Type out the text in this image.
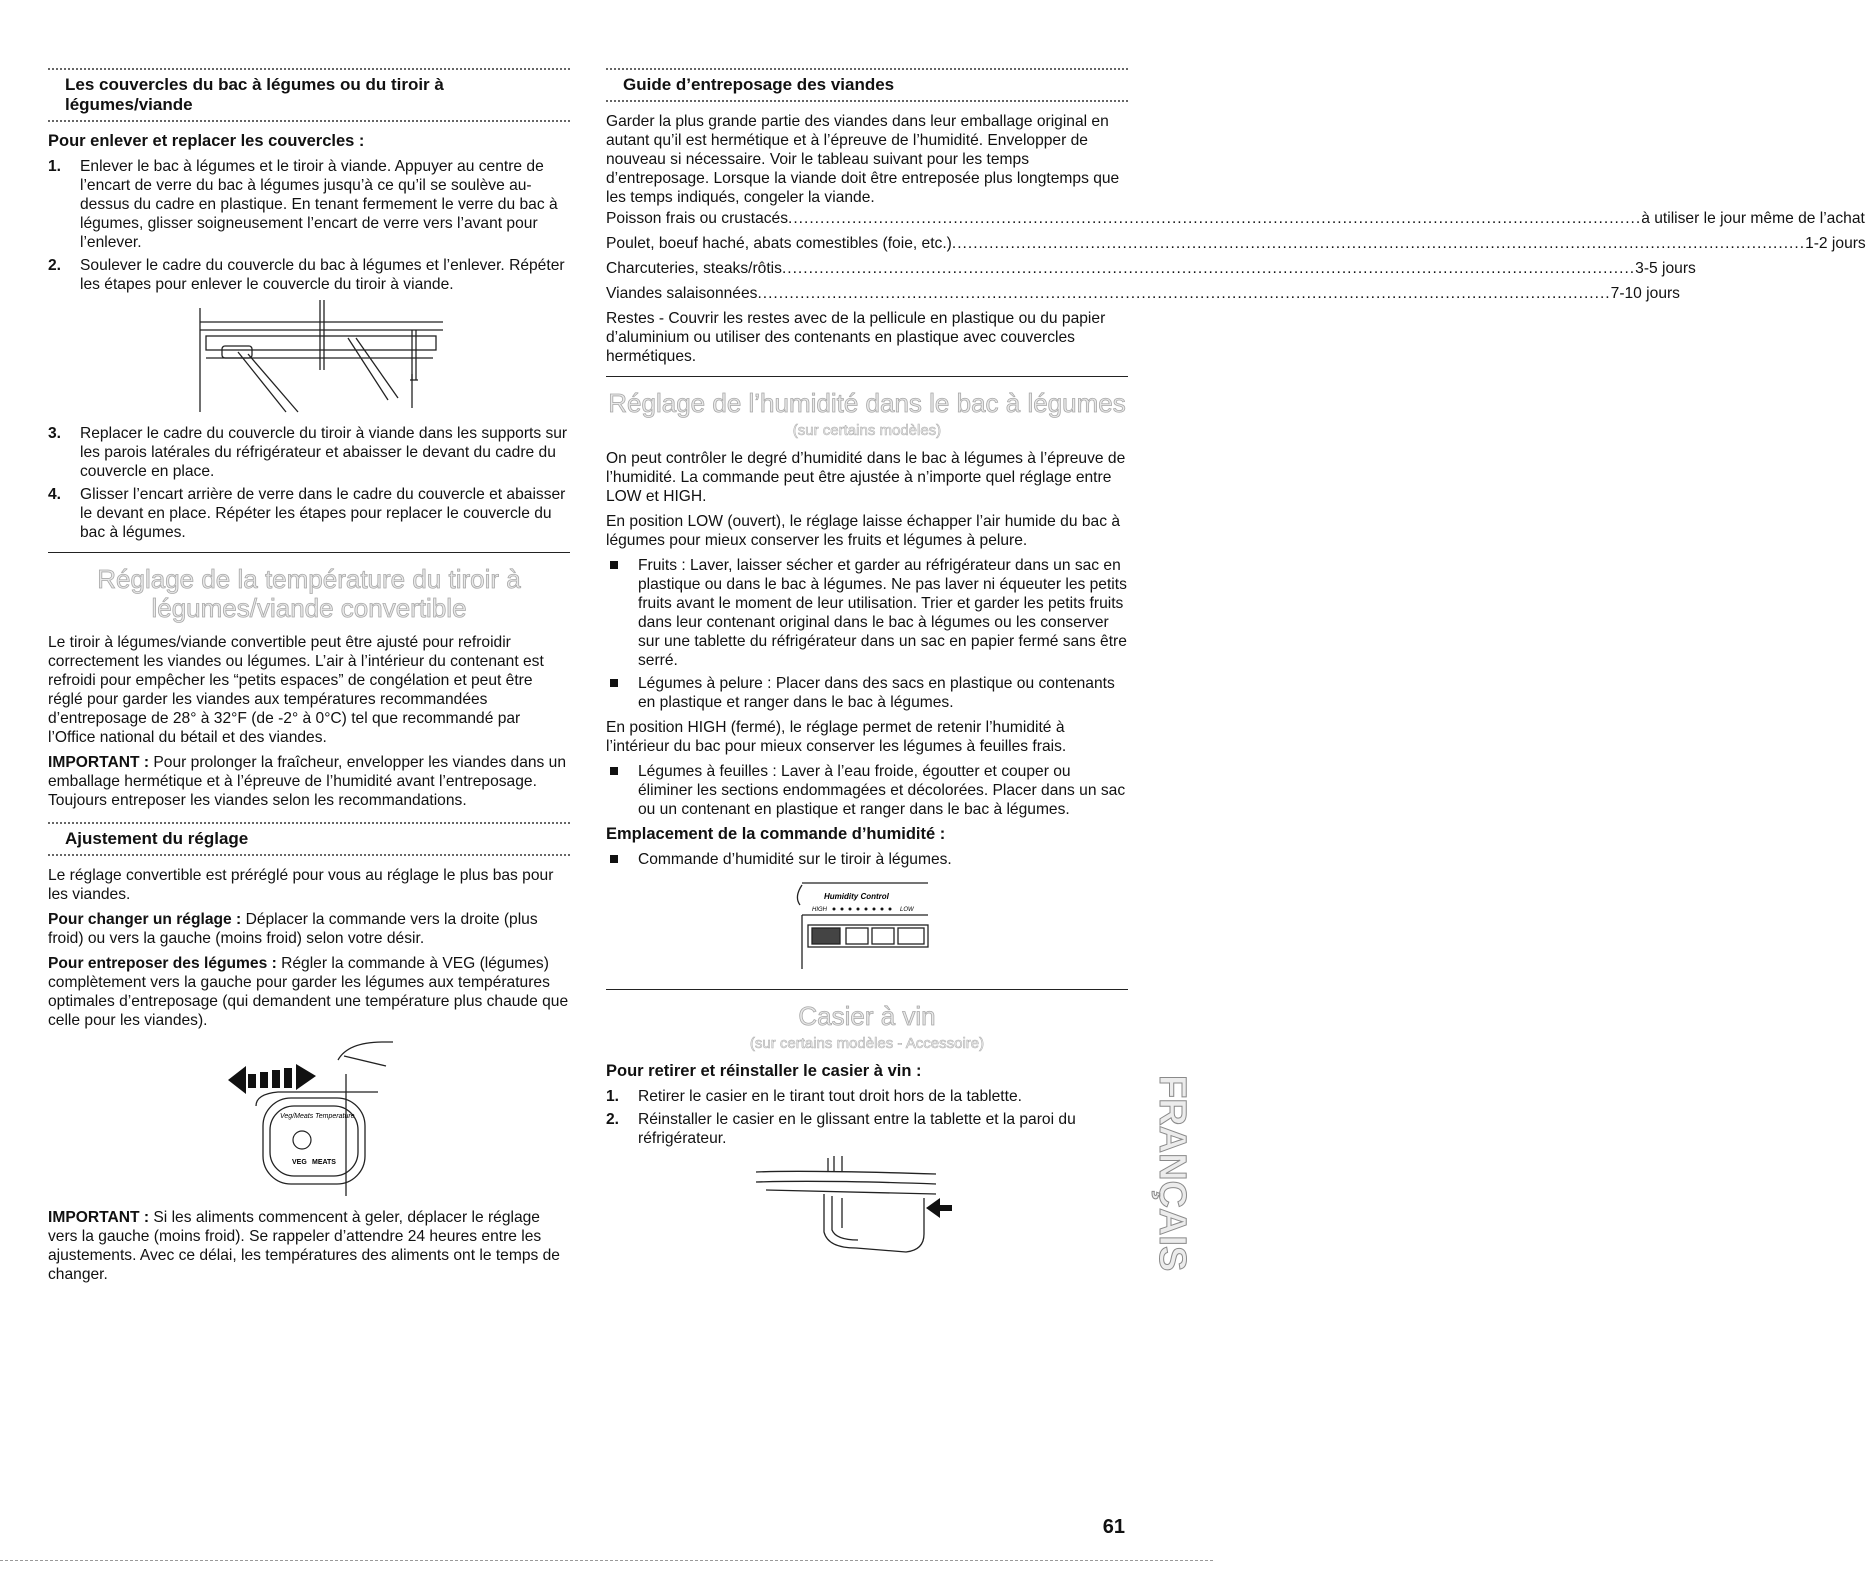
Les couvercles du bac à légumes ou du tiroir à légumes/viande
Pour enlever et replacer les couvercles :
1. Enlever le bac à légumes et le tiroir à viande. Appuyer au centre de l’encart de verre du bac à légumes jusqu’à ce qu’il se soulève au-dessus du cadre en plastique. En tenant fermement le verre du bac à légumes, glisser soigneusement l’encart de verre vers l’avant pour l’enlever.
2. Soulever le cadre du couvercle du bac à légumes et l’enlever. Répéter les étapes pour enlever le couvercle du tiroir à viande.
3. Replacer le cadre du couvercle du tiroir à viande dans les supports sur les parois latérales du réfrigérateur et abaisser le devant du cadre du couvercle en place.
4. Glisser l’encart arrière de verre dans le cadre du couvercle et abaisser le devant en place. Répéter les étapes pour replacer le couvercle du bac à légumes.
Réglage de la température du tiroir à légumes/viande convertible

Le tiroir à légumes/viande convertible peut être ajusté pour refroidir correctement les viandes ou légumes. L’air à l’intérieur du contenant est refroidi pour empêcher les “petits espaces” de congélation et peut être réglé pour garder les viandes aux températures recommandées d’entreposage de 28° à 32°F (de -2° à 0°C) tel que recommandé par l’Office national du bétail et des viandes.

IMPORTANT : Pour prolonger la fraîcheur, envelopper les viandes dans un emballage hermétique et à l’épreuve de l’humidité avant l’entreposage. Toujours entreposer les viandes selon les recommandations.

Ajustement du réglage

Le réglage convertible est préréglé pour vous au réglage le plus bas pour les viandes.

Pour changer un réglage : Déplacer la commande vers la droite (plus froid) ou vers la gauche (moins froid) selon votre désir.

Pour entreposer des légumes : Régler la commande à VEG (légumes) complètement vers la gauche pour garder les légumes aux températures optimales d’entreposage (qui demandent une température plus chaude que celle pour les viandes).

Veg/Meats Temperature
VEG MEATS

IMPORTANT : Si les aliments commencent à geler, déplacer le réglage vers la gauche (moins froid). Se rappeler d’attendre 24 heures entre les ajustements. Avec ce délai, les températures des aliments ont le temps de changer.

Guide d’entreposage des viandes

Garder la plus grande partie des viandes dans leur emballage original en autant qu’il est hermétique et à l’épreuve de l’humidité. Envelopper de nouveau si nécessaire. Voir le tableau suivant pour les temps d’entreposage. Lorsque la viande doit être entreposée plus longtemps que les temps indiqués, congeler la viande.

Poisson frais ou crustacés .....	à utiliser le jour même de l’achat
Poulet, boeuf haché, abats comestibles (foie, etc.) .....	1-2 jours
Charcuteries, steaks/rôtis .....	3-5 jours
Viandes salaisonnées .....	7-10 jours

Restes - Couvrir les restes avec de la pellicule en plastique ou du papier d’aluminium ou utiliser des contenants en plastique avec couvercles hermétiques.

Réglage de l’humidité dans le bac à légumes
(sur certains modèles)

On peut contrôler le degré d’humidité dans le bac à légumes à l’épreuve de l’humidité. La commande peut être ajustée à n’importe quel réglage entre LOW et HIGH.

En position LOW (ouvert), le réglage laisse échapper l’air humide du bac à légumes pour mieux conserver les fruits et légumes à pelure.

Fruits : Laver, laisser sécher et garder au réfrigérateur dans un sac en plastique ou dans le bac à légumes. Ne pas laver ni équeuter les petits fruits avant le moment de leur utilisation. Trier et garder les petits fruits dans leur contenant original dans le bac à légumes ou les conserver sur une tablette du réfrigérateur dans un sac en papier fermé sans être serré.
Légumes à pelure : Placer dans des sacs en plastique ou contenants en plastique et ranger dans le bac à légumes.

En position HIGH (fermé), le réglage permet de retenir l’humidité à l’intérieur du bac pour mieux conserver les légumes à feuilles frais.

Légumes à feuilles : Laver à l’eau froide, égoutter et couper ou éliminer les sections endommagées et décolorées. Placer dans un sac ou un contenant en plastique et ranger dans le bac à légumes.
Emplacement de la commande d’humidité :
Commande d’humidité sur le tiroir à légumes.
Humidity Control
HIGH	LOW
Casier à vin
(sur certains modèles - Accessoire)
Pour retirer et réinstaller le casier à vin :
1. Retirer le casier en le tirant tout droit hors de la tablette.
2. Réinstaller le casier en le glissant entre la tablette et la paroi du réfrigérateur.
61
FRANÇAIS
